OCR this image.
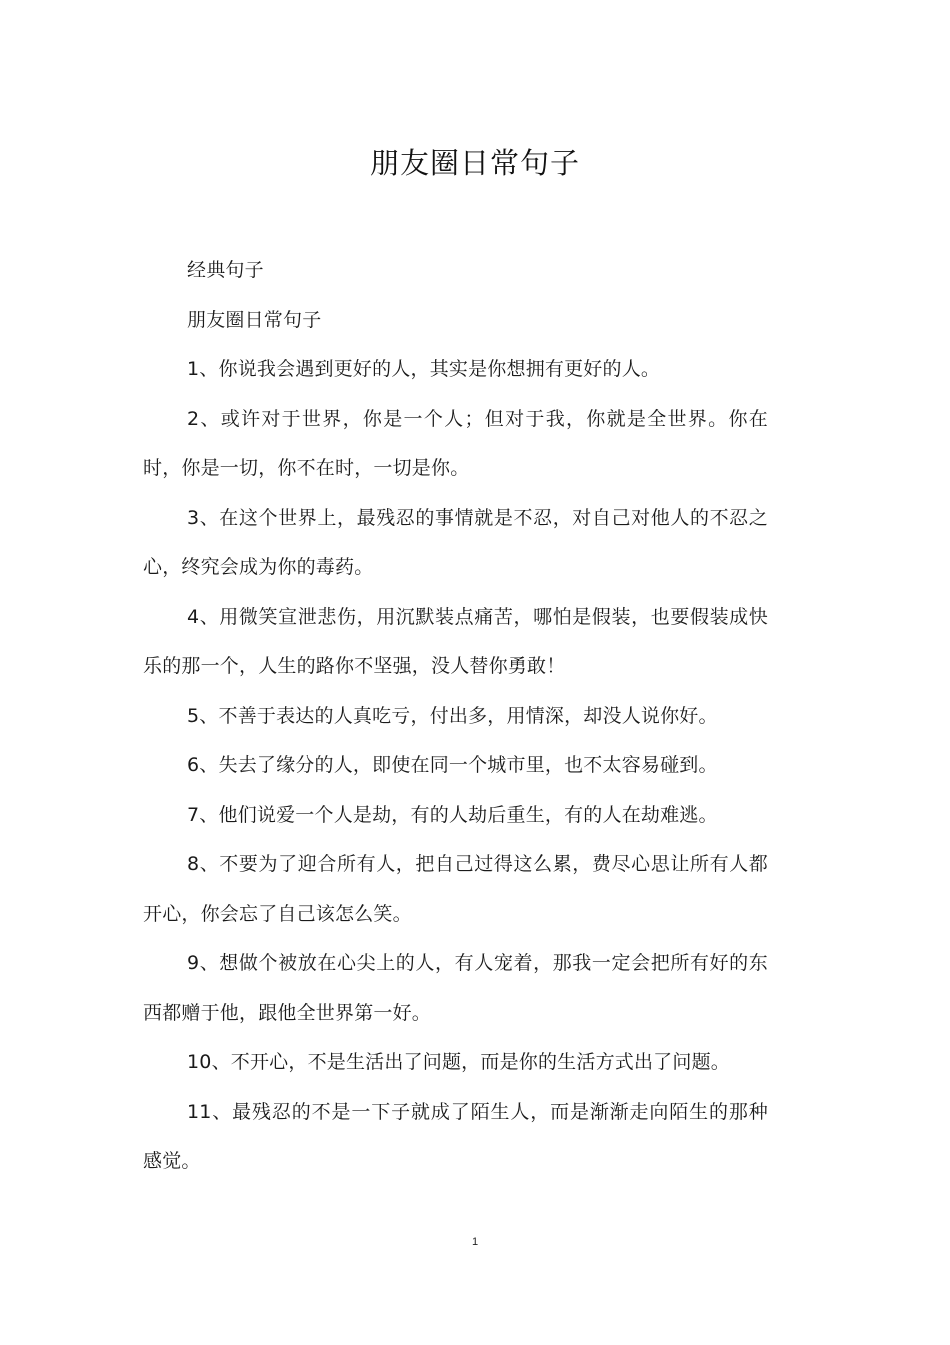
朋友圈日常句子

经典句子

朋友圈日常句子

1、你说我会遇到更好的人，其实是你想拥有更好的人。

2、或许对于世界，你是一个人；但对于我，你就是全世界。你在时，你是一切，你不在时，一切是你。

3、在这个世界上，最残忍的事情就是不忍，对自己对他人的不忍之心，终究会成为你的毒药。

4、用微笑宣泄悲伤，用沉默装点痛苦，哪怕是假装，也要假装成快乐的那一个，人生的路你不坚强，没人替你勇敢！

5、不善于表达的人真吃亏，付出多，用情深，却没人说你好。

6、失去了缘分的人，即使在同一个城市里，也不太容易碰到。

7、他们说爱一个人是劫，有的人劫后重生，有的人在劫难逃。

8、不要为了迎合所有人，把自己过得这么累，费尽心思让所有人都开心，你会忘了自己该怎么笑。

9、想做个被放在心尖上的人，有人宠着，那我一定会把所有好的东西都赠于他，跟他全世界第一好。

10、不开心，不是生活出了问题，而是你的生活方式出了问题。

11、最残忍的不是一下子就成了陌生人，而是渐渐走向陌生的那种感觉。

1
